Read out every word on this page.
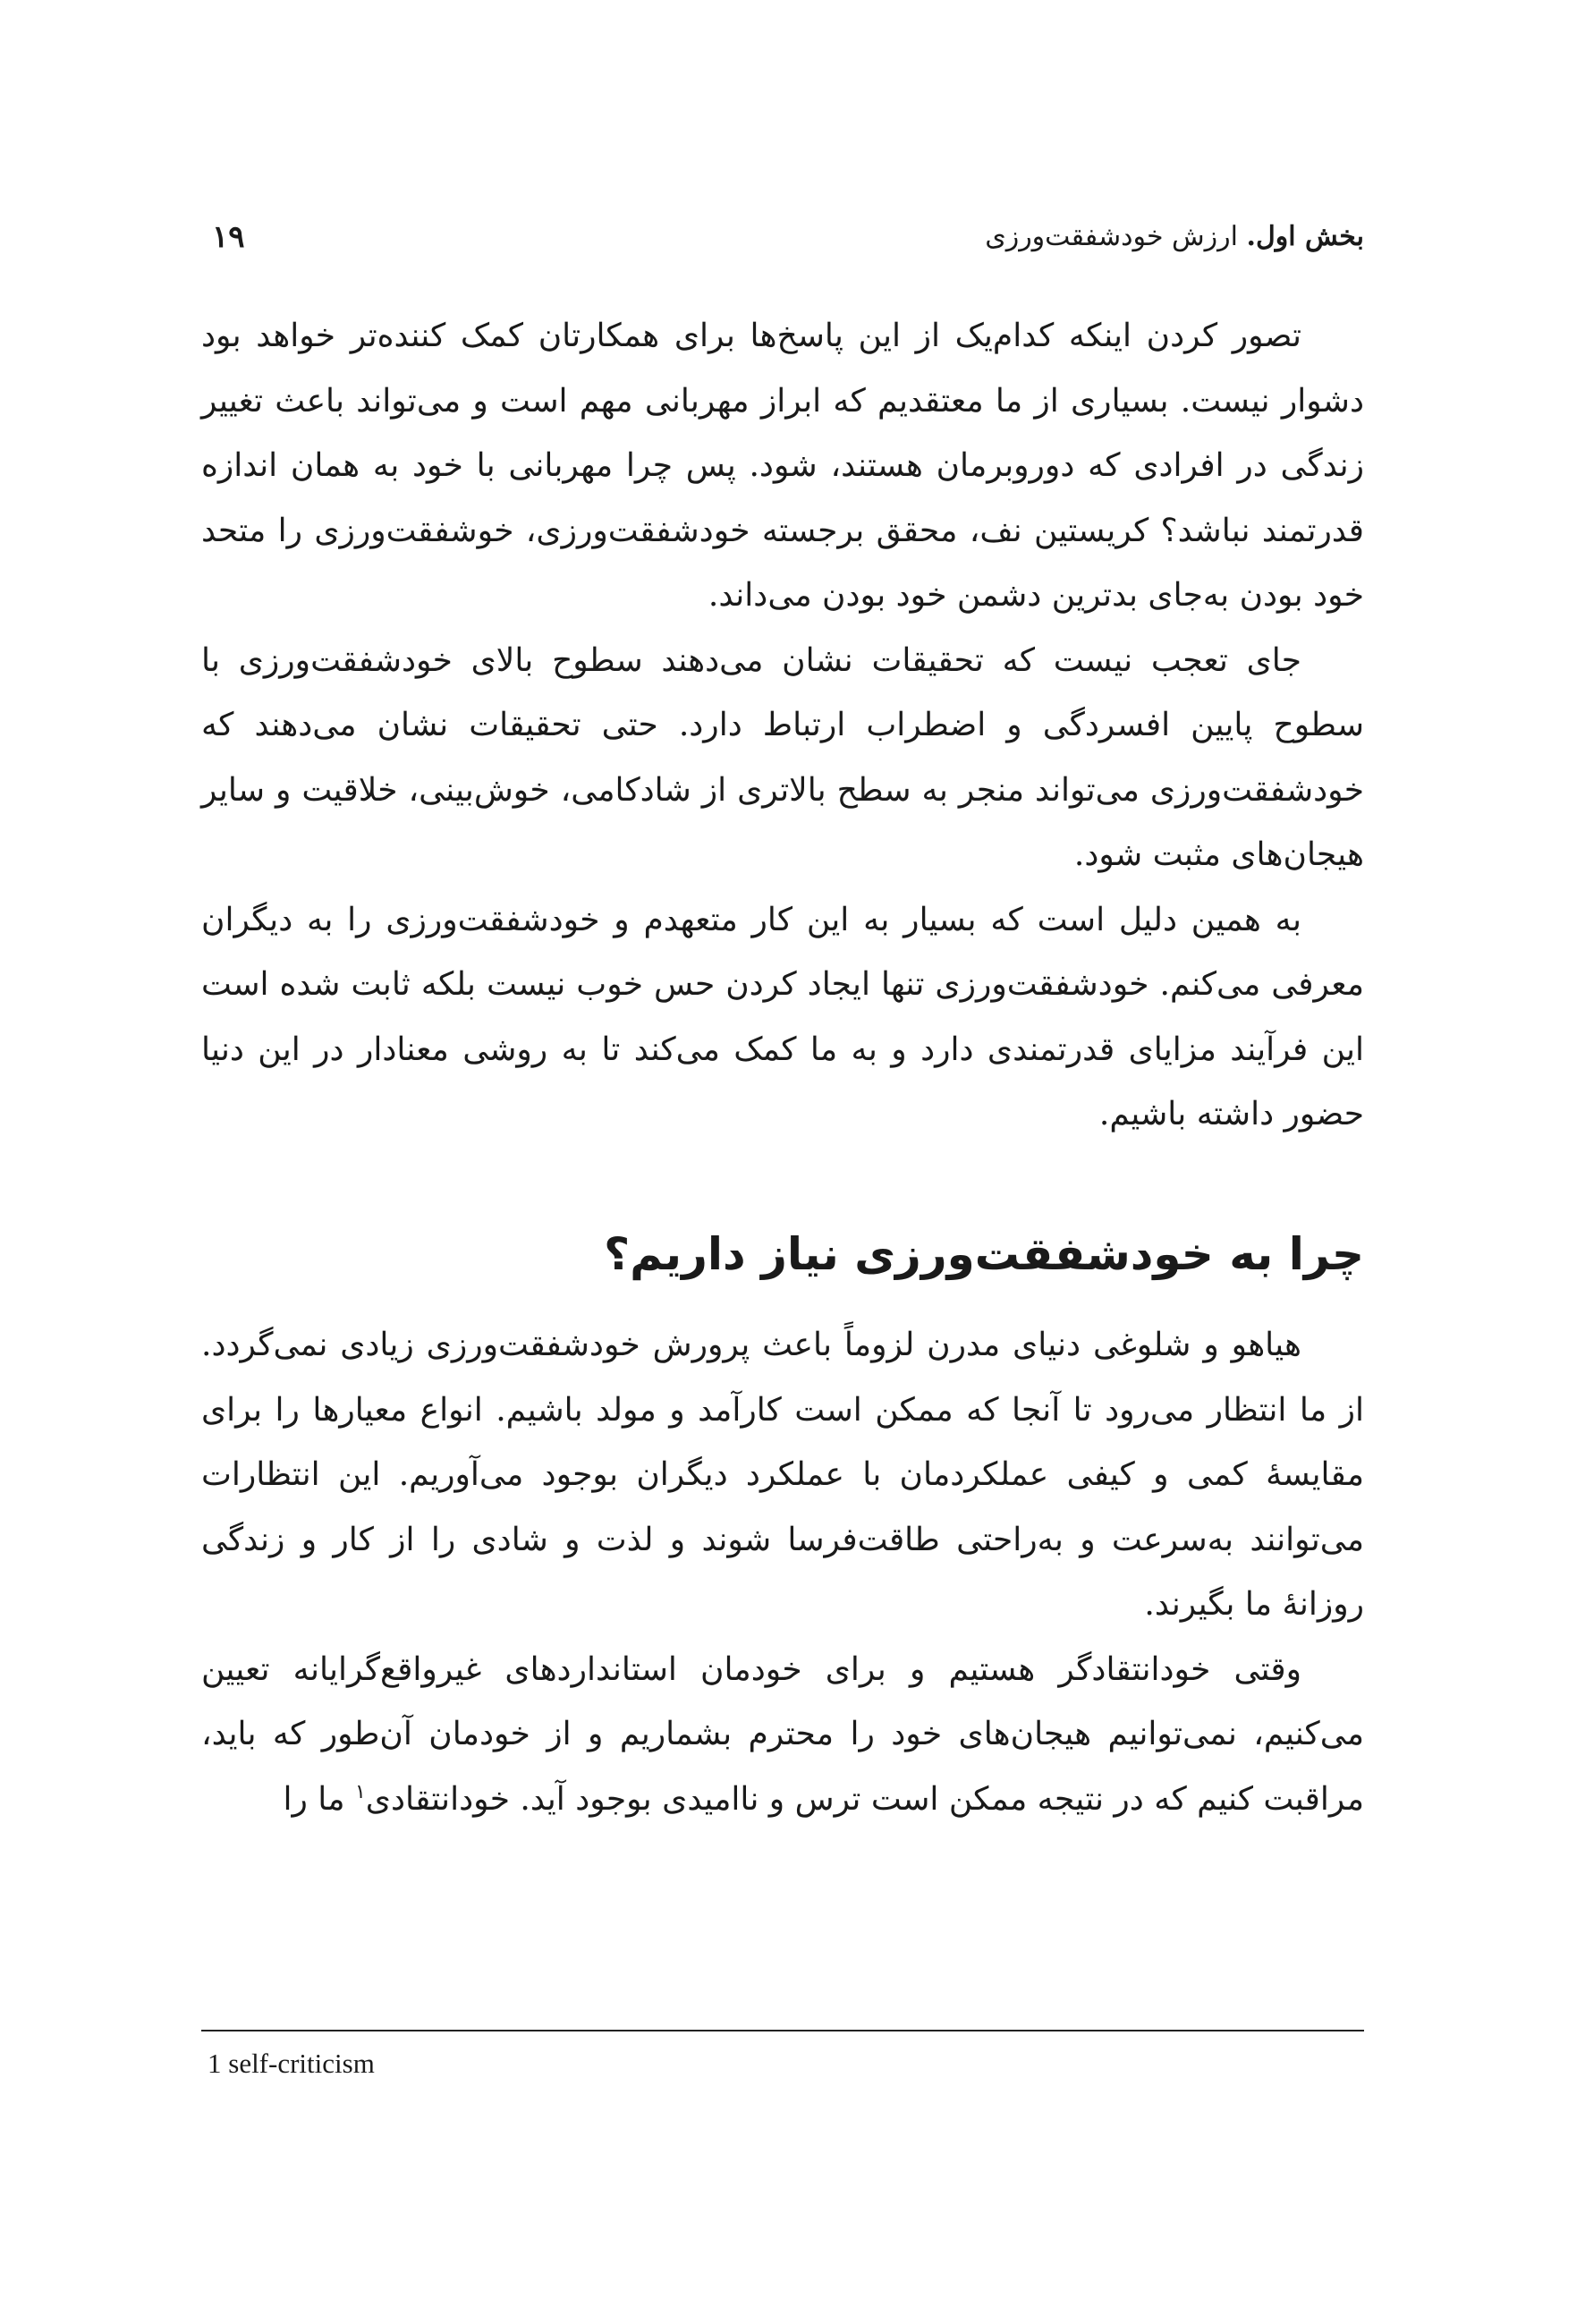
بخش اول. ارزش خودشفقت‌ورزی
۱۹

تصور کردن اینکه کدام‌یک از این پاسخ‌ها برای همکارتان کمک کننده‌تر خواهد بود دشوار نیست. بسیاری از ما معتقدیم که ابراز مهربانی مهم است و می‌تواند باعث تغییر زندگی در افرادی که دوروبرمان هستند، شود. پس چرا مهربانی با خود به همان اندازه قدرتمند نباشد؟ کریستین نف، محقق برجسته خودشفقت‌ورزی، خوشفقت‌ورزی را متحد خود بودن به‌جای بدترین دشمن خود بودن می‌داند.

جای تعجب نیست که تحقیقات نشان می‌دهند سطوح بالای خودشفقت‌ورزی با سطوح پایین افسردگی و اضطراب ارتباط دارد. حتی تحقیقات نشان می‌دهند که خودشفقت‌ورزی می‌تواند منجر به سطح بالاتری از شادکامی، خوش‌بینی، خلاقیت و سایر هیجان‌های مثبت شود.

به همین دلیل است که بسیار به این کار متعهدم و خودشفقت‌ورزی را به دیگران معرفی می‌کنم. خودشفقت‌ورزی تنها ایجاد کردن حس خوب نیست بلکه ثابت شده است این فرآیند مزایای قدرتمندی دارد و به ما کمک می‌کند تا به روشی معنادار در این دنیا حضور داشته باشیم.

چرا به خودشفقت‌ورزی نیاز داریم؟

هیاهو و شلوغی دنیای مدرن لزوماً باعث پرورش خودشفقت‌ورزی زیادی نمی‌گردد. از ما انتظار می‌رود تا آنجا که ممکن است کارآمد و مولد باشیم. انواع معیارها را برای مقایسهٔ کمی و کیفی عملکردمان با عملکرد دیگران بوجود می‌آوریم. این انتظارات می‌توانند به‌سرعت و به‌راحتی طاقت‌فرسا شوند و لذت و شادی را از کار و زندگی روزانهٔ ما بگیرند.

وقتی خودانتقادگر هستیم و برای خودمان استانداردهای غیرواقع‌گرایانه تعیین می‌کنیم، نمی‌توانیم هیجان‌های خود را محترم بشماریم و از خودمان آن‌طور که باید، مراقبت کنیم که در نتیجه ممکن است ترس و ناامیدی بوجود آید. خودانتقادی$^۱$ ما را

1 self-criticism
